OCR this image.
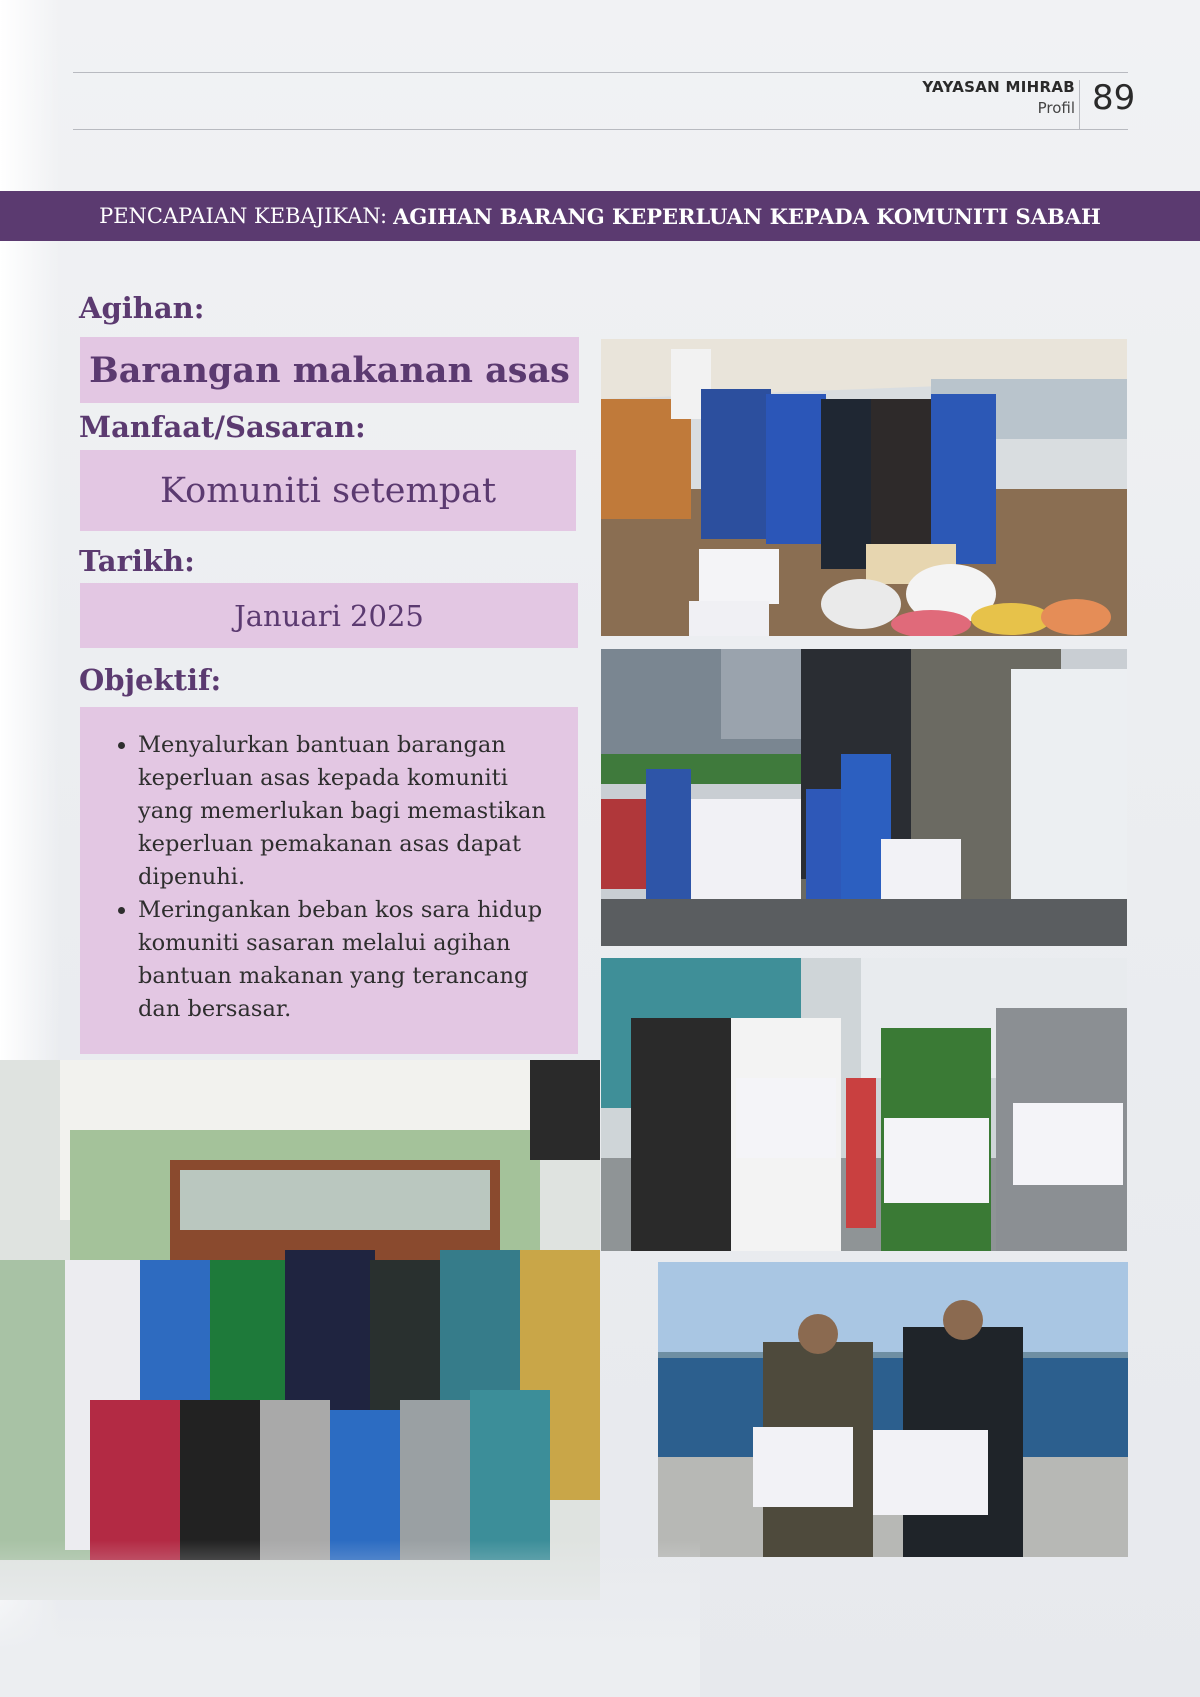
YAYASAN MIHRAB
Profil 89
PENCAPAIAN KEBAJIKAN: AGIHAN BARANG KEPERLUAN KEPADA KOMUNITI SABAH
Agihan:
Barangan makanan asas
Manfaat/Sasaran:
Komuniti setempat
Tarikh:
Januari 2025
Objektif:
• Menyalurkan bantuan barangan keperluan asas kepada komuniti yang memerlukan bagi memastikan keperluan pemakanan asas dapat dipenuhi.
• Meringankan beban kos sara hidup komuniti sasaran melalui agihan bantuan makanan yang terancang dan bersasar.
